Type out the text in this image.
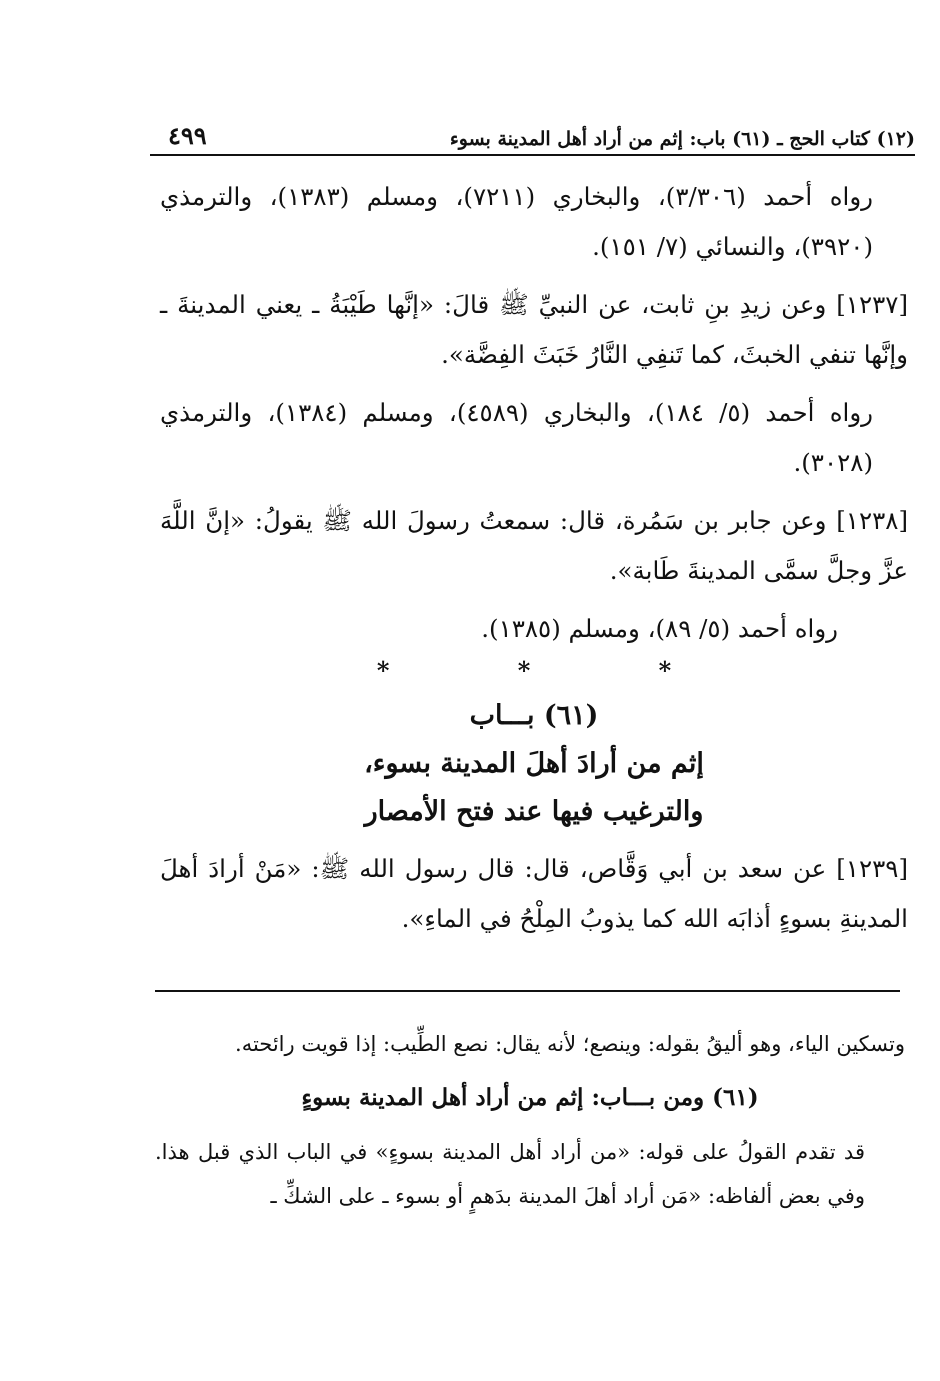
(١٢) كتاب الحج ـ (٦١) باب: إثم من أراد أهل المدينة بسوء
٤٩٩

رواه أحمد (٣/٣٠٦)، والبخاري (٧٢١١)، ومسلم (١٣٨٣)، والترمذي (٣٩٢٠)، والنسائي (٧/ ١٥١).

[١٢٣٧] وعن زيدِ بنِ ثابت، عن النبيِّ ﷺ قالَ: «إنَّها طَيْبَةُ ـ يعني المدينةَ ـ وإنَّها تنفي الخبثَ، كما تَنفِي النَّارُ خَبَثَ الفِضَّة».

رواه أحمد (٥/ ١٨٤)، والبخاري (٤٥٨٩)، ومسلم (١٣٨٤)، والترمذي (٣٠٢٨).

[١٢٣٨] وعن جابر بن سَمُرة، قال: سمعتُ رسولَ الله ﷺ يقولُ: «إنَّ اللَّهَ عزَّ وجلَّ سمَّى المدينةَ طَابة».

رواه أحمد (٥/ ٨٩)، ومسلم (١٣٨٥).

* * *
(٦١) بـــاب
إثم من أرادَ أهلَ المدينة بسوء،
والترغيب فيها عند فتح الأمصار

[١٢٣٩] عن سعد بن أبي وَقَّاص، قال: قال رسول الله ﷺ: «مَنْ أرادَ أهلَ المدينةِ بسوءٍ أذابَه الله كما يذوبُ المِلْحُ في الماءِ».

وتسكين الياء، وهو أليقُ بقوله: وينصع؛ لأنه يقال: نصع الطِّيب: إذا قويت رائحته.

(٦١) ومن بـــاب: إثم من أراد أهل المدينة بسوءٍ

قد تقدم القولُ على قوله: «من أراد أهل المدينة بسوءٍ» في الباب الذي قبل هذا. وفي بعض ألفاظه: «مَن أراد أهلَ المدينة بدَهمٍ أو بسوء ـ على الشكِّ ـ
